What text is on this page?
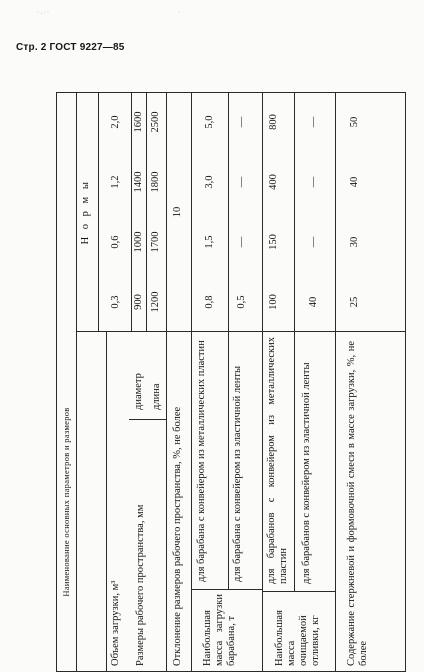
· . · ·	·
Стр. 2 ГОСТ 9227—85
Наименование основных параметров и размеров
Н о р м ы
Объем загрузки, м³
0,3
0,6
1,2
2,0
Размеры рабочего пространства, мм
диаметр
900
1000
1400
1600
длина
1200
1700
1800
2500
Отклонение размеров рабочего пространства, %, не более
10
Наибольшая масса загрузки барабана, т
для барабана с конвейером из металлических пластин
0,8
1,5
3,0
5,0
для барабана с конвейером из эластичной ленты
0,5
—
—
—
Наибольшая масса очищаемой отливки, кг
для барабанов с конвейером из металлических пластин
100
150
400
800
для барабанов с конвейером из эластичной ленты
40
—
—
—
Содержание стержневой и формовочной смеси в массе загрузки, %, не более
25
30
40
50
